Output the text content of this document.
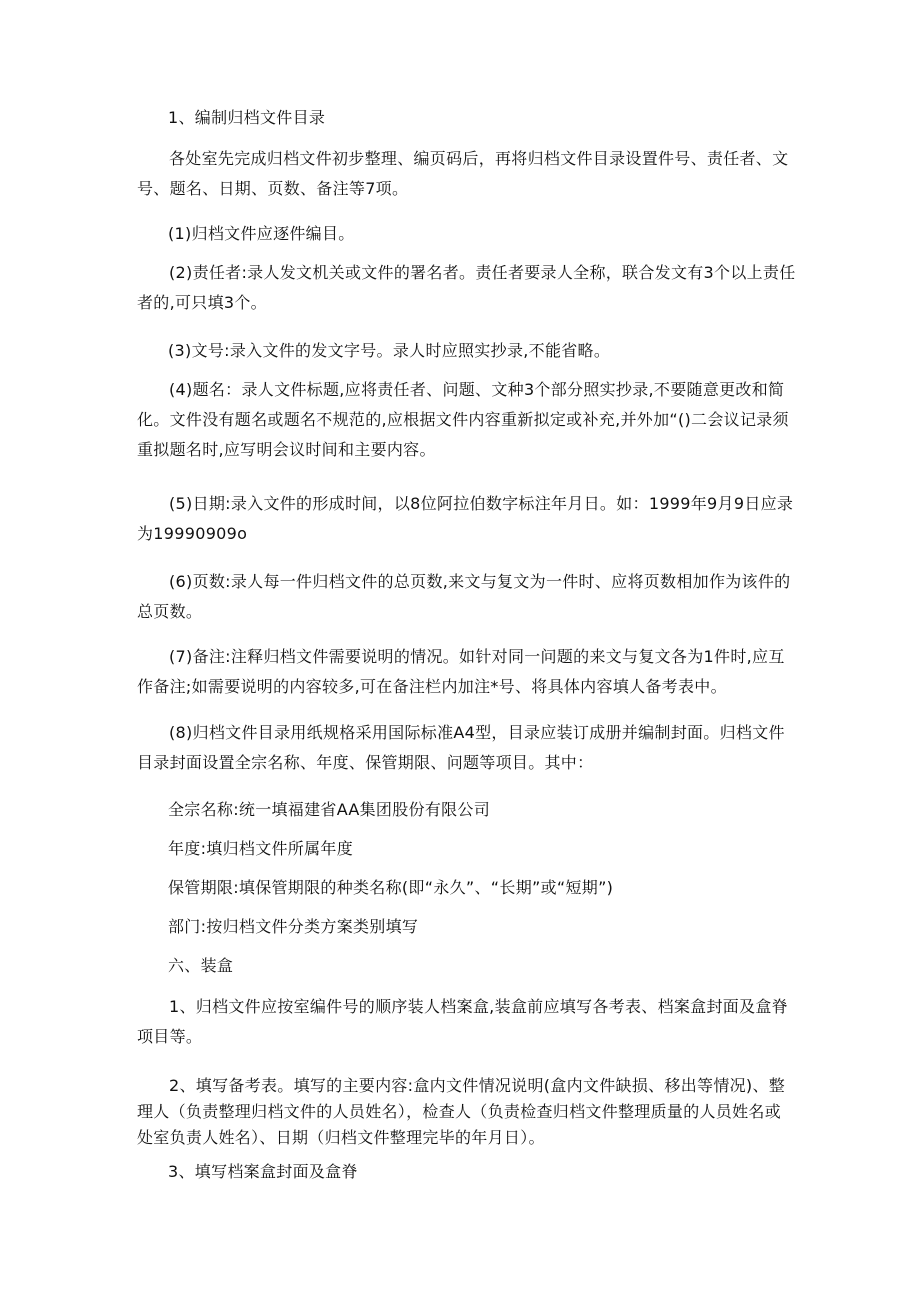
1、编制归档文件目录

各处室先完成归档文件初步整理、编页码后，再将归档文件目录设置件号、责任者、文号、题名、日期、页数、备注等7项。

(1)归档文件应逐件编目。

(2)责任者:录人发文机关或文件的署名者。责任者要录人全称，联合发文有3个以上责任者的,可只填3个。

(3)文号:录入文件的发文字号。录人时应照实抄录,不能省略。

(4)题名：录人文件标题,应将责任者、问题、文种3个部分照实抄录,不要随意更改和简化。文件没有题名或题名不规范的,应根据文件内容重新拟定或补充,并外加“()二会议记录须重拟题名时,应写明会议时间和主要内容。

(5)日期:录入文件的形成时间，以8位阿拉伯数字标注年月日。如：1999年9月9日应录为19990909o

(6)页数:录人每一件归档文件的总页数,来文与复文为一件时、应将页数相加作为该件的总页数。

(7)备注:注释归档文件需要说明的情况。如针对同一问题的来文与复文各为1件时,应互作备注;如需要说明的内容较多,可在备注栏内加注*号、将具体内容填人备考表中。

(8)归档文件目录用纸规格采用国际标准A4型，目录应装订成册并编制封面。归档文件目录封面设置全宗名称、年度、保管期限、问题等项目。其中：

全宗名称:统一填福建省AA集团股份有限公司

年度:填归档文件所属年度

保管期限:填保管期限的种类名称(即“永久”、“长期”或“短期”)

部门:按归档文件分类方案类别填写

六、装盒

1、归档文件应按室编件号的顺序装人档案盒,装盒前应填写各考表、档案盒封面及盒脊项目等。

2、填写备考表。填写的主要内容:盒内文件情况说明(盒内文件缺损、移出等情况)、整理人（负责整理归档文件的人员姓名），检查人（负责检查归档文件整理质量的人员姓名或处室负责人姓名）、日期（归档文件整理完毕的年月日）。

3、填写档案盒封面及盒脊
